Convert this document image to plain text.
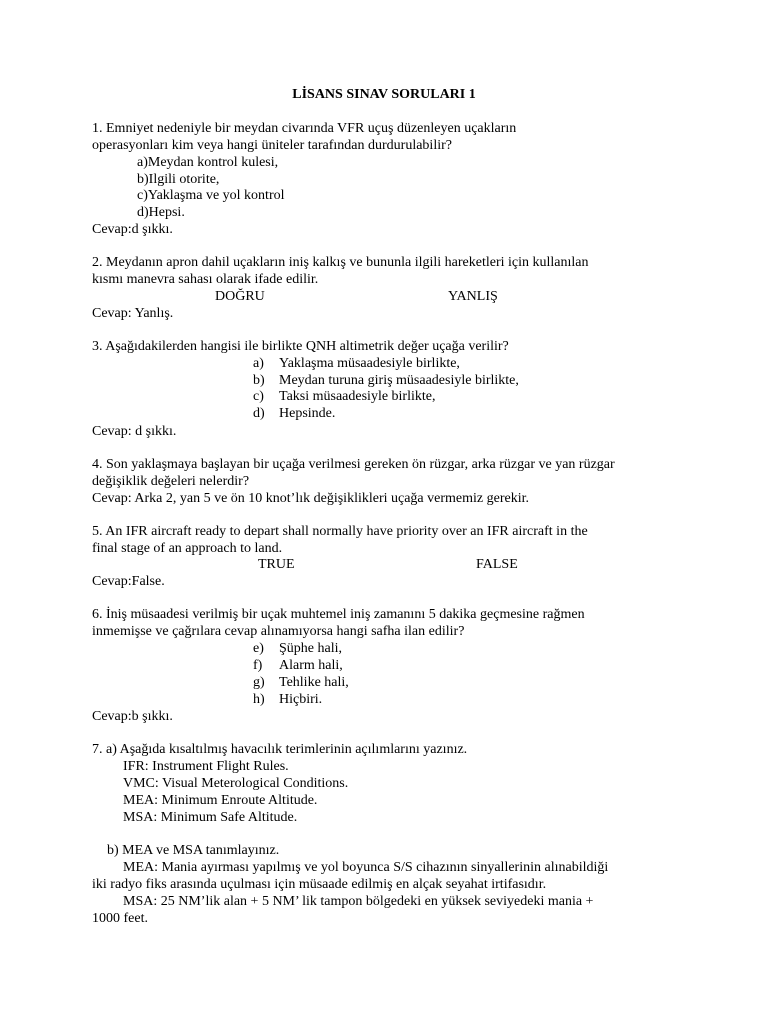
LİSANS SINAV SORULARI 1
1. Emniyet nedeniyle bir meydan civarında VFR uçuş düzenleyen uçakların
operasyonları kim veya hangi üniteler tarafından durdurulabilir?
a)Meydan kontrol kulesi,
b)Ilgili otorite,
c)Yaklaşma ve yol kontrol
d)Hepsi.
Cevap:d şıkkı.
2. Meydanın apron dahil uçakların iniş kalkış ve bununla ilgili hareketleri için kullanılan
kısmı manevra sahası olarak ifade edilir.
DOĞRU	YANLIŞ
Cevap: Yanlış.
3. Aşağıdakilerden hangisi ile birlikte QNH altimetrik değer uçağa verilir?
a) Yaklaşma müsaadesiyle birlikte,
b) Meydan turuna giriş müsaadesiyle birlikte,
c) Taksi müsaadesiyle birlikte,
d) Hepsinde.
Cevap: d şıkkı.
4. Son yaklaşmaya başlayan bir uçağa verilmesi gereken ön rüzgar, arka rüzgar ve yan rüzgar
değişiklik değeleri nelerdir?
Cevap: Arka 2, yan 5 ve ön 10 knot’lık değişiklikleri uçağa vermemiz gerekir.
5. An IFR aircraft ready to depart shall normally have priority over an IFR aircraft in the
final stage of an approach to land.
TRUE	FALSE
Cevap:False.
6. İniş müsaadesi verilmiş bir uçak muhtemel iniş zamanını 5 dakika geçmesine rağmen
inmemişse ve çağrılara cevap alınamıyorsa hangi safha ilan edilir?
e) Şüphe hali,
f) Alarm hali,
g) Tehlike hali,
h) Hiçbiri.
Cevap:b şıkkı.
7. a) Aşağıda kısaltılmış havacılık terimlerinin açılımlarını yazınız.
IFR: Instrument Flight Rules.
VMC: Visual Meterological Conditions.
MEA: Minimum Enroute Altitude.
MSA: Minimum Safe Altitude.
b) MEA ve MSA tanımlayınız.
MEA: Mania ayırması yapılmış ve yol boyunca S/S cihazının sinyallerinin alınabildiği
iki radyo fiks arasında uçulması için müsaade edilmiş en alçak seyahat irtifasıdır.
MSA: 25 NM’lik alan + 5 NM’ lik tampon bölgedeki en yüksek seviyedeki mania +
1000 feet.
